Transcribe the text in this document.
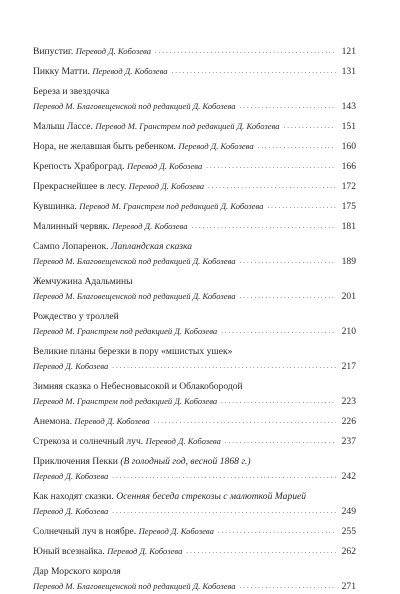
Випустиг. Перевод Д. Кобозева . . .	121
Пикку Матти. Перевод Д. Кобозева . . .	131
Береза и звездочка
Перевод М. Благовещенской под редакцией Д. Кобозева . . .	143
Малыш Лассе. Перевод М. Гранстрем под редакцией Д. Кобозева . . .	151
Нора, не желавшая быть ребенком. Перевод Д. Кобозева . . .	160
Крепость Храброград. Перевод Д. Кобозева . . .	166
Прекраснейшее в лесу. Перевод Д. Кобозева . . .	172
Кувшинка. Перевод М. Гранстрем под редакцией Д. Кобозева . . .	175
Малинный червяк. Перевод Д. Кобозева . . .	181
Сампо Лопаренок. Лапландская сказка
Перевод М. Благовещенской под редакцией Д. Кобозева . . .	189
Жемчужина Адальмины
Перевод М. Благовещенской под редакцией Д. Кобозева . . .	201
Рождество у троллей
Перевод М. Гранстрем под редакцией Д. Кобозева . . .	210
Великие планы березки в пору «мшистых ушек»
Перевод Д. Кобозева . . .	217
Зимняя сказка о Небесновысокой и Облакобородой
Перевод М. Гранстрем под редакцией Д. Кобозева . . .	223
Анемона. Перевод Д. Кобозева . . .	226
Стрекоза и солнечный луч. Перевод Д. Кобозева . . .	237
Приключения Пекки (В голодный год, весной 1868 г.)
Перевод Д. Кобозева . . .	242
Как находят сказки. Осенняя беседа стрекозы с малюткой Марией
Перевод Д. Кобозева . . .	249
Солнечный луч в ноябре. Перевод Д. Кобозева . . .	255
Юный всезнайка. Перевод Д. Кобозева . . .	262
Дар Морского короля
Перевод М. Благовещенской под редакцией Д. Кобозева . . .	271
